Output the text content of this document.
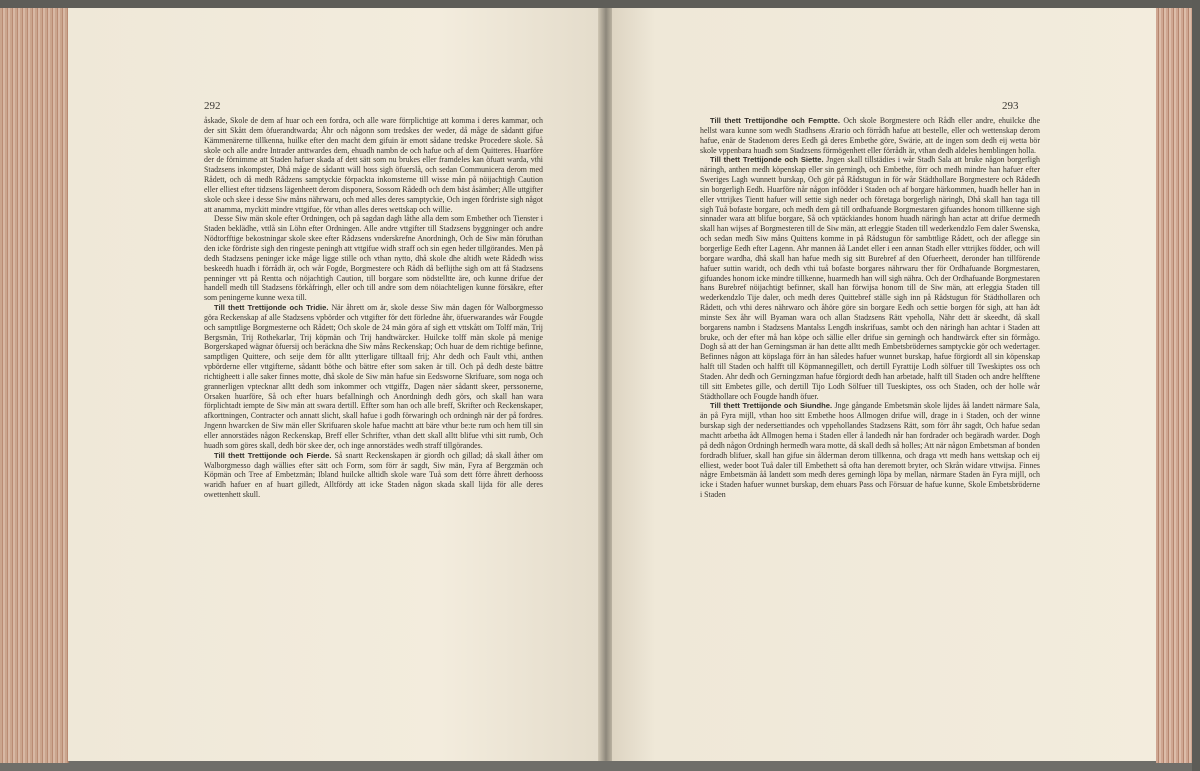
292

åskade, Skole de dem af huar och een fordra, och alle ware förrplichtige att komma i deres kammar, och der sitt Skått dem öfuerandtwarda; Åhr och någonn som tredskes der weder, då måge de sådantt gifue Kämmenärerne tillkenna, huilke efter den macht dem gifuin är emott sådane tredske Procedere skole. Så skole och alle andre Intrader anttwardes dem, ehuadh nambn de och hafue och af dem Quitteres. Huarföre der de förnimme att Staden hafuer skada af dett sätt som nu brukes eller framdeles kan öfuatt warda, vthi Stadzsens inkompster, Dhå måge de sådantt wäll hoss sigh öfuerslå, och sedan Communicera derom med Rådett, och då medh Rådzens samptyckie förpackta inkomsterne till wisse mån på nöijachtigh Caution eller elliest efter tidzsens lägenheett derom disponera, Sossom Rådedh och dem bäst åsämber; Alle uttgifter skole och skee i desse Siw måns nährwaru, och med alles deres samptyckie, Och ingen fördriste sigh något att anamma, myckitt mindre vttgifue, för vthan alles deres wettskap och willie.

Desse Siw män skole efter Ordningen, och på sagdan dagh låthe alla dem som Embether och Tienster i Staden beklädhe, vttlå sin Löhn efter Ordningen. Alle andre vttgifter till Stadzsens byggninger och andre Nödtorfftige bekostningar skole skee efter Rådzsens vnderskrefne Anordningh, Och de Siw män föruthan den icke fördriste sigh den ringeste peningh att vttgifue widh straff och sin egen heder tillgörandes. Men på dedh Stadzsens peninger icke måge ligge stille och vthan nytto, dhå skole dhe altidh wete Rådedh wiss beskeedh huadh i förrådh är, och wår Fogde, Borgmestere och Rådh då beflijthe sigh om att få Stadzsens penninger vtt på Rentta och nöjachtigh Caution, till borgare som nödstelltte äre, och kunne drifue der handell medh till Stadzsens förkåfringh, eller och till andre som dem nöiachteligen kunne försäkre, efter som peningerne kunne wexa till.

Till thett Trettijonde och Tridie. När åhrett om är, skole desse Siw män dagen för Walborgmesso göra Reckenskap af alle Stadzsens vpbörder och vttgifter för dett förledne åhr, öfuerwarandes wår Fougde och sampttlige Borgmesterne och Rådett; Och skole de 24 män göra af sigh ett vttskått om Tolff män, Trij Bergsmän, Trij Rothekarlar, Trij köpmän och Trij handtwärcker. Huilcke tolff män skole på menige Borgerskaped wägnar öfuersij och beräckna dhe Siw måns Reckenskap; Och huar de dem richtige befinne, samptligen Quittere, och seije dem för alltt ytterligare tilltaall frij; Ahr dedh och Fault vthi, anthen vpbörderne eller vttgifterne, sådantt böthe och bättre efter som saken är till. Och på dedh deste bättre richtigheett i alle saker finnes motte, dhå skole de Siw män hafue sin Eedsworne Skrifuare, som noga och grannerligen vptecknar alltt dedh som inkommer och vttgiffz, Dagen näer sådantt skeer, perssonerne, Orsaken huarföre, Så och efter huars befallningh och Anordningh dedh görs, och skall han wara förplichtadt iempte de Siw män att swara dertill. Effter som han och alle breff, Skrifter och Reckenskaper, afkorttningen, Contracter och annatt slicht, skall hafue i godh förwaringh och ordningh när der på fordres. Jngenn hwarcken de Siw män eller Skrifuaren skole hafue machtt att bäre vthur be:te rum och hem till sin eller annorstädes någon Reckenskap, Breff eller Schrifter, vthan dett skall alltt blifue vthi sitt rumb, Och huadh som göres skall, dedh bör skee der, och inge annorstädes wedh straff tillgörandes.

Till thett Trettijonde och Fierde. Så snartt Reckenskapen är giordh och gillad; då skall åther om Walborgmesso dagh wällies efter sätt och Form, som förr är sagdt, Siw män, Fyra af Bergzmän och Köpmän och Tree af Embetzmän; Ibland huilcke alltidh skole ware Tuå som dett förre åhrett derhooss waridh hafuer en af huart gilledt, Alltfördy att icke Staden någon skada skall lijda för alle deres owettenhett skull.

293

Till thett Trettijondhe och Femptte. Och skole Borgmestere och Rådh eller andre, ehuilcke dhe hellst wara kunne som wedh Stadhsens Ærario och förrådh hafue att bestelle, eller och wettenskap derom hafue, enär de Stadenom deres Eedh gå deres Embethe göre, Swärie, att de ingen som dedh eij wetta bör skole vppenbara huadh som Stadzsens förmögenhett eller förrådh är, vthan dedh aldeles hemblingen holla.

Till thett Trettijonde och Siette. Jngen skall tillstädies i wår Stadh Sala att bruke någon borgerligh näringh, anthen medh köpenskap eller sin gerningh, och Embethe, förr och medh mindre han hafuer efter Sweriges Lagh wunnett burskap, Och gör på Rådstugun in för wår Städthollare Borgmestere och Rådedh sin borgerligh Eedh. Huarföre når någon infödder i Staden och af borgare härkommen, huadh heller han in eller vttrijkes Tientt hafuer will settie sigh neder och företaga borgerligh näringh, Dhå skall han taga till sigh Tuå bofaste borgare, och medh dem gå till ordhafuande Borgmestaren gifuandes honom tillkenne sigh sinnader wara att blifue borgare, Så och vptäckiandes honom huadh näringh han actar att drifue dermedh skall han wijses af Borgmesteren till de Siw män, att erleggie Staden till wederkendzlo Fem daler Swenska, och sedan medh Siw måns Quittens komme in på Rådstugun för sambttlige Rådett, och der aflegge sin borgerlige Eedh efter Lagenn. Ahr mannen åå Landet eller i een annan Stadh eller vttrijkes födder, och will borgare wardha, dhå skall han hafue medh sig sitt Burebref af den Ofuerheett, deronder han tillförende hafuer suttin waridt, och dedh vthi tuå bofaste borgares nährwaru ther för Ordhafuande Borgmestaren, gifuandes honom icke mindre tillkenne, huarmedh han will sigh nähra. Och der Ordhafuande Borgmestaren hans Burebref nöijachtigt befinner, skall han förwijsa honom till de Siw män, att erleggia Staden till wederkendzlo Tije daler, och medh deres Quittebref ställe sigh inn på Rådstugun för Städthollaren och Rådett, och vthi deres nährwaro och åhöre göre sin borgare Eedh och settie borgen för sigh, att han ådt minste Sex åhr will Byaman wara och allan Stadzsens Rätt vpeholla, Nähr dett är skeedht, då skall borgarens nambn i Stadzsens Mantalss Lengdh inskrifuas, sambt och den näringh han achtar i Staden att bruke, och der efter må han köpe och sällie eller drifue sin gerningh och handtwärck efter sin förmågo. Dogh så att der han Gerningsman är han dette alltt medh Embetsbrödernes samptyckie gör och wedertager. Befinnes någon att köpslaga förr än han således hafuer wunnet burskap, hafue förgiordt all sin köpenskap halft till Staden och halfft till Köpmannegillett, och dertill Fyrattije Lodh sölfuer till Tweskiptes oss och Staden. Ahr dedh och Gerningzman hafue förgiordt dedh han arbetade, halft till Staden och andre helfftene till sitt Embetes gille, och dertill Tijo Lodh Sölfuer till Tueskiptes, oss och Staden, och der holle wår Städthollare och Fougde handh öfuer.

Till thett Trettijonde och Siundhe. Jnge gångande Embetsmän skole lijdes åå landett närmare Sala, än på Fyra mijll, vthan hoo sitt Embethe hoos Allmogen drifue will, drage in i Staden, och der winne burskap sigh der nedersettiandes och vppehollandes Stadzsens Rätt, som förr åhr sagdt, Och hafue sedan machtt arbetha ådt Allmogen hema i Staden eller å landedh når han fordrader och begäradh warder. Dogh på dedh någon Ordningh hermedh wara motte, då skall dedh så holles; Att när någon Embetsman af bonden fordradh blifuer, skall han gifue sin ålderman derom tillkenna, och draga vtt medh hans wettskap och eij elliest, weder boot Tuå daler till Embethett så ofta han deremott bryter, och Skrån widare vttwijsa. Finnes någre Embetsmän åå landett som medh deres gerningh löpa by mellan, närmare Staden än Fyra mijll, och icke i Staden hafuer wunnet burskap, dem ehuars Pass och Försuar de hafue kunne, Skole Embetsbröderne i Staden
